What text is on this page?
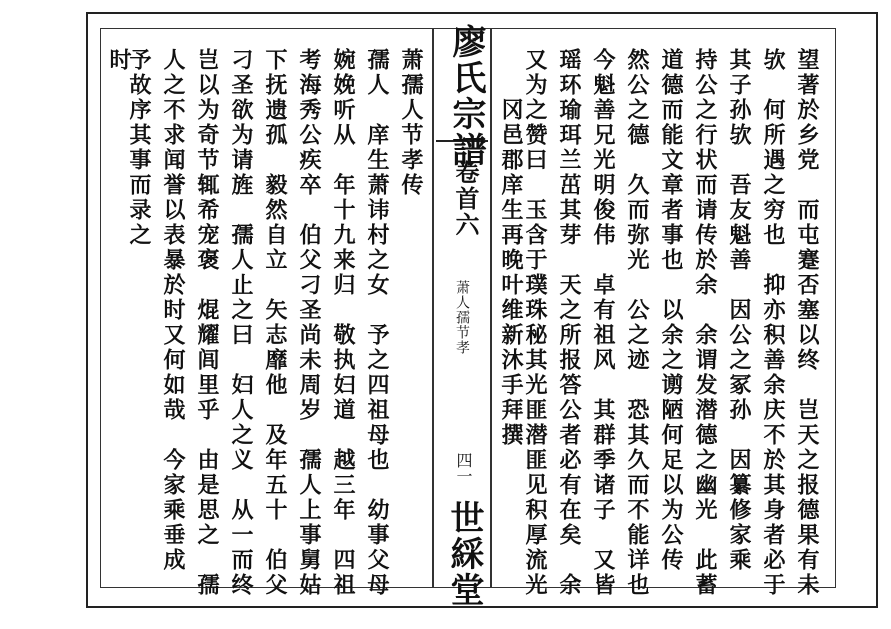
廖氏宗譜
卷首六
萧人孺节孝
四一
世綵堂	望著於乡党　而屯蹇否塞以终　岂天之报德果有未
欤　何所遇之穷也　抑亦积善余庆不於其身者必于
其子孙欤　吾友魁善　因公之冢孙　因纂修家乘
持公之行状而请传於余　余谓发潜德之幽光　此蓄
道德而能文章者事也　以余之谫陋何足以为公传
然公之德　久而弥光　公之迹　恐其久而不能详也
今魁善兄光明俊伟　卓有祖风　其群季诸子　又皆
瑶环瑜珥兰茁其芽　天之所报答公者必有在矣　余
又为之赞曰　玉含于璞珠秘其光匪潜匪见积厚流光
　　冈邑郡庠生再晚叶维新沐手拜撰
萧孺人节孝传
孺人　庠生萧讳村之女　予之四祖母也　幼事父母
婉娩听从　年十九来归　敬执妇道　越三年　四祖
考海秀公疾卒　伯父刁圣尚未周岁　孺人上事舅姑
下抚遗孤　毅然自立　矢志靡他　及年五十　伯父
刁圣欲为请旌　孺人止之曰　妇人之义　从一而终
岂以为奇节辄希宠褒　焜耀闾里乎　由是思之　孺
人之不求闻誉以表暴於时又何如哉　今家乘垂成
予故序其事而录之
时
